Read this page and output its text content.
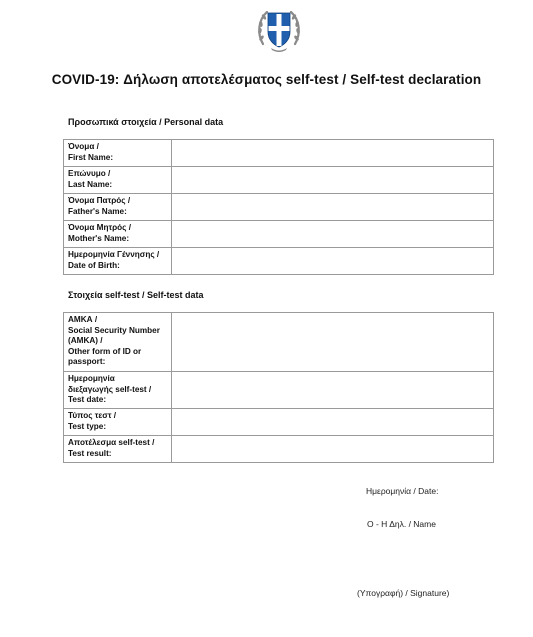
COVID-19: Δήλωση αποτελέσματος self-test / Self-test declaration
Προσωπικά στοιχεία / Personal data
Όνομα /
First Name:	

Επώνυμο /
Last Name:	

Όνομα Πατρός /
Father's Name:	

Όνομα Μητρός /
Mother's Name:	

Ημερομηνία Γέννησης /
Date of Birth:	

Στοιχεία self-test / Self-test data
ΑΜΚΑ /
Social Security Number
(AMKA) /
Other form of ID or
passport:	

Ημερομηνία
διεξαγωγής self-test /
Test date:	

Τύπος τεστ /
Test type:	

Αποτέλεσμα self-test /
Test result:	

Ημερομηνία / Date:
Ο - Η Δηλ. / Name
(Υπογραφή) / Signature)
